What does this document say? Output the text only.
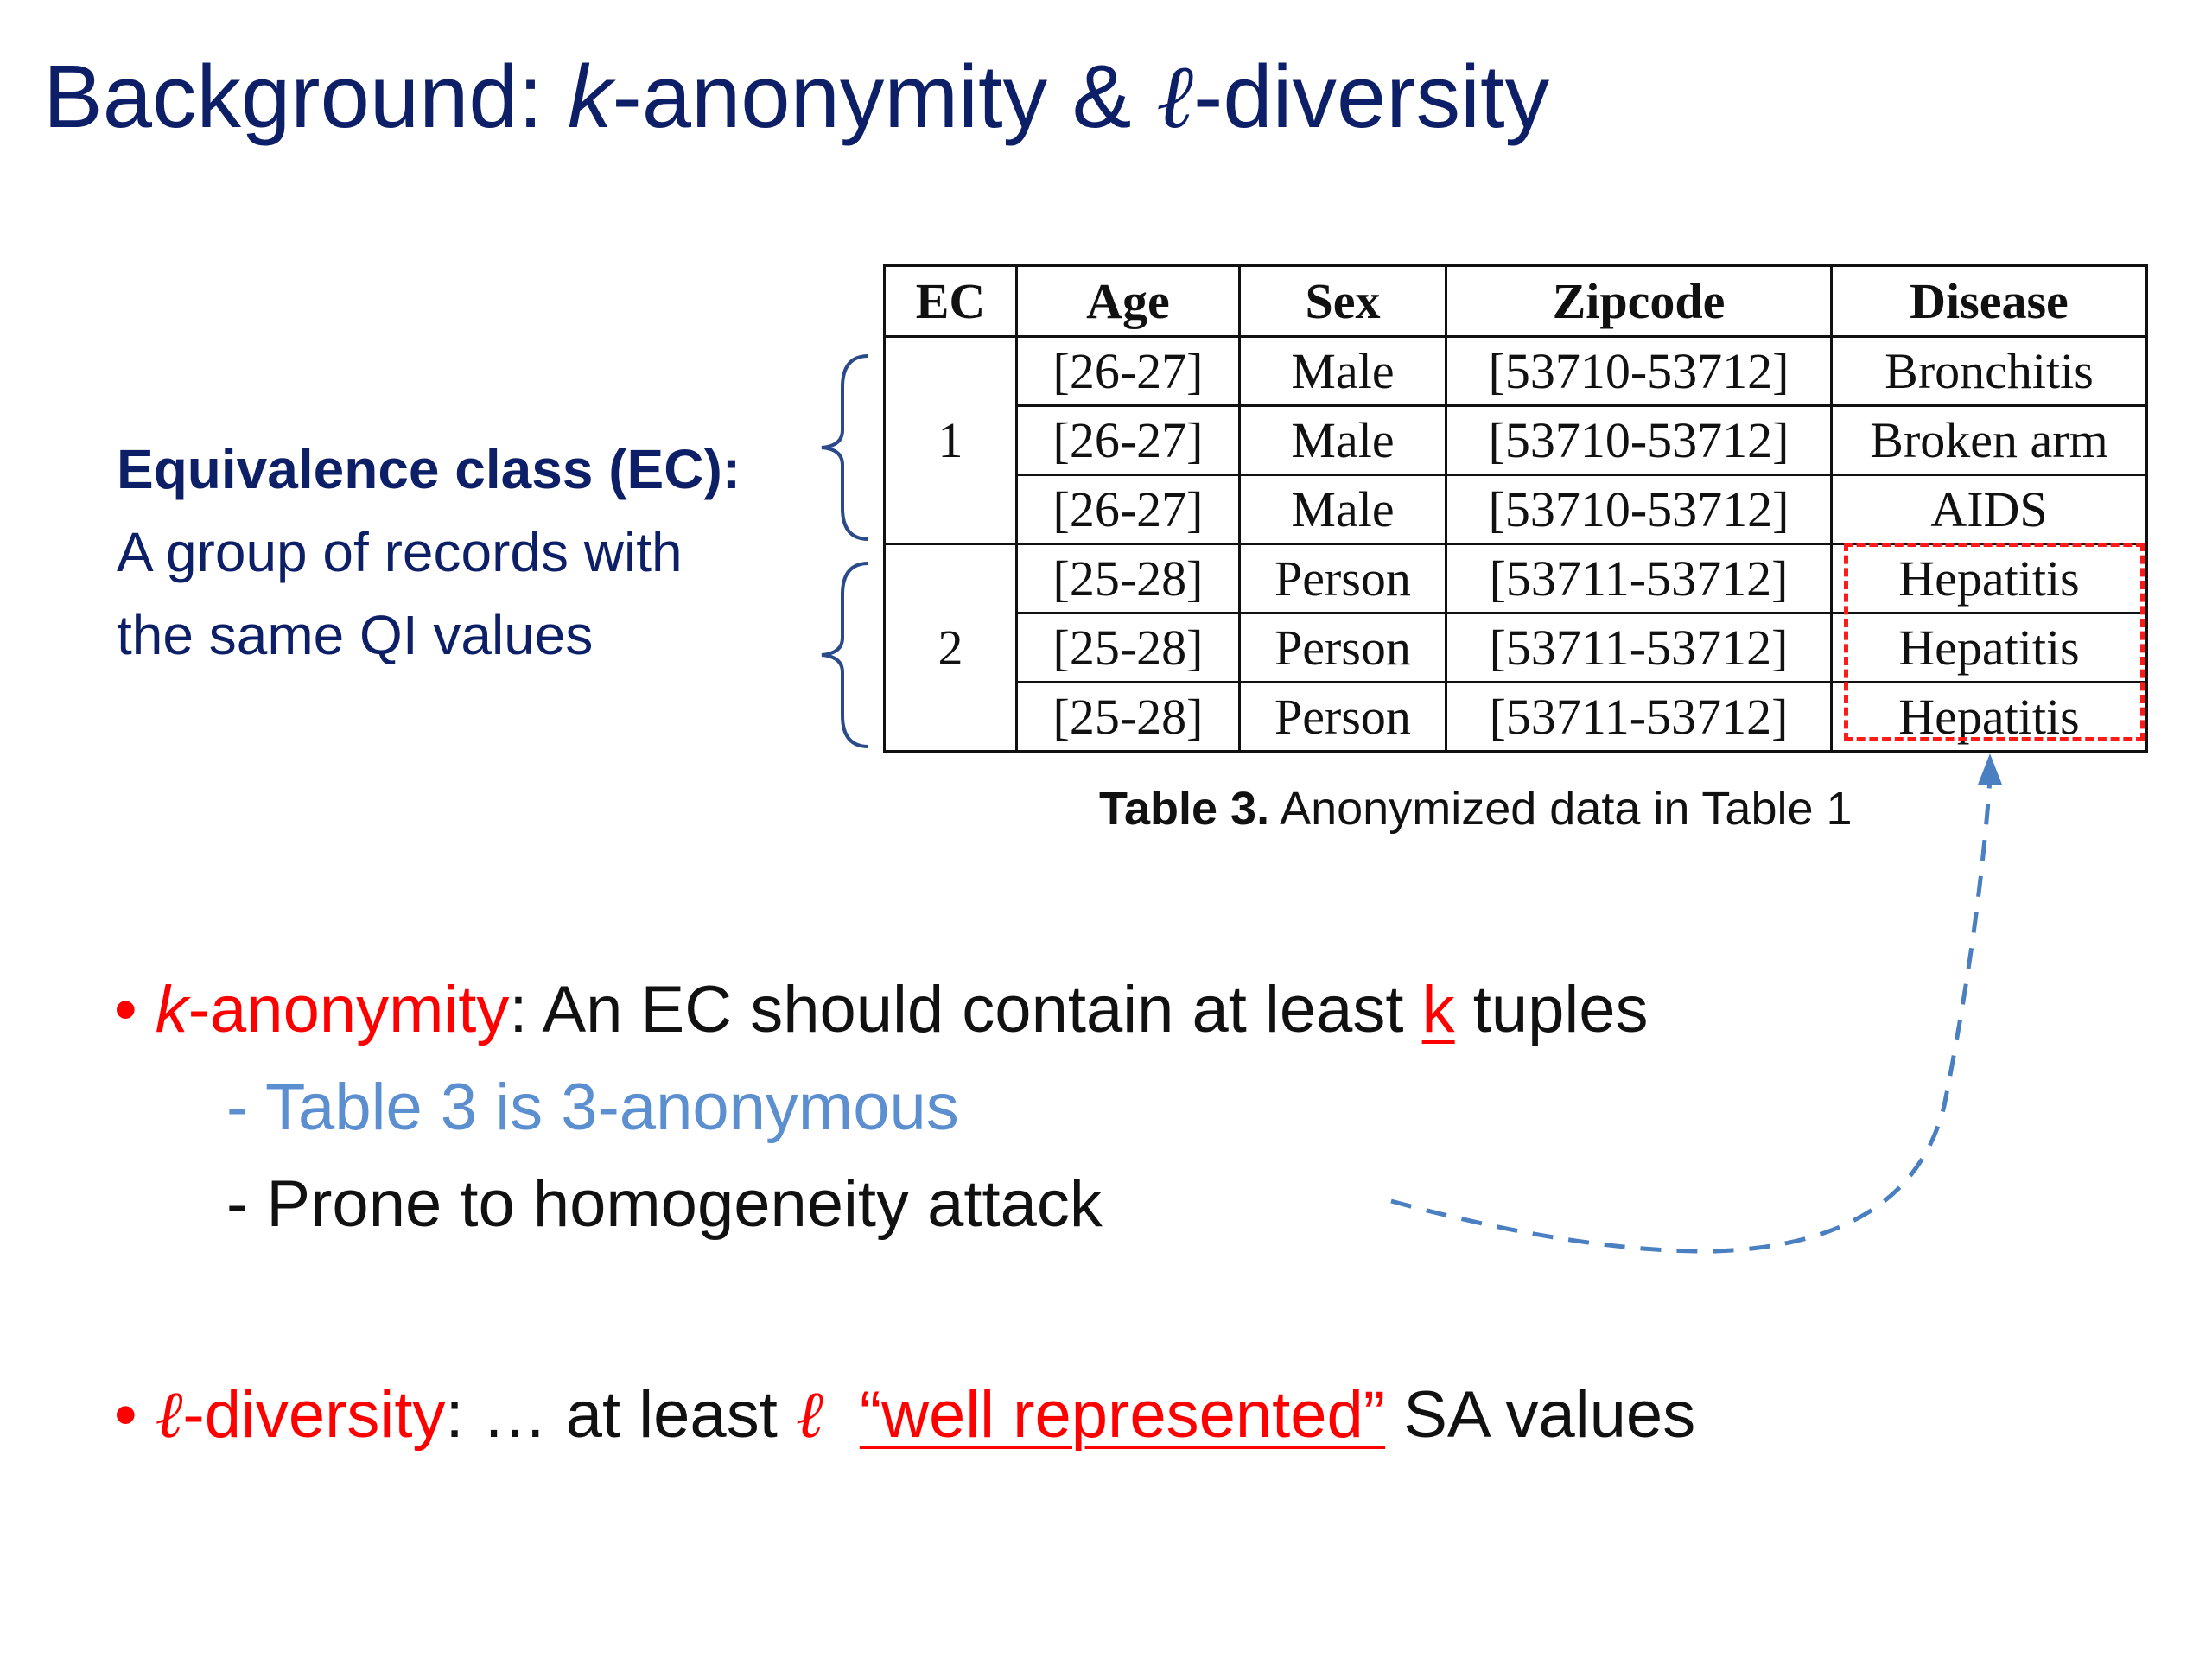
Background: k-anonymity & ℓ-diversity
Equivalence class (EC):
A group of records with
the same QI values
EC	Age	Sex	Zipcode	Disease
1	[26-27]	Male	[53710-53712]	Bronchitis
	[26-27]	Male	[53710-53712]	Broken arm
	[26-27]	Male	[53710-53712]	AIDS
2	[25-28]	Person	[53711-53712]	Hepatitis
	[25-28]	Person	[53711-53712]	Hepatitis
	[25-28]	Person	[53711-53712]	Hepatitis
Table 3. Anonymized data in Table 1
• k-anonymity: An EC should contain at least k tuples
- Table 3 is 3-anonymous
- Prone to homogeneity attack
• ℓ-diversity: … at least ℓ “well represented” SA values
